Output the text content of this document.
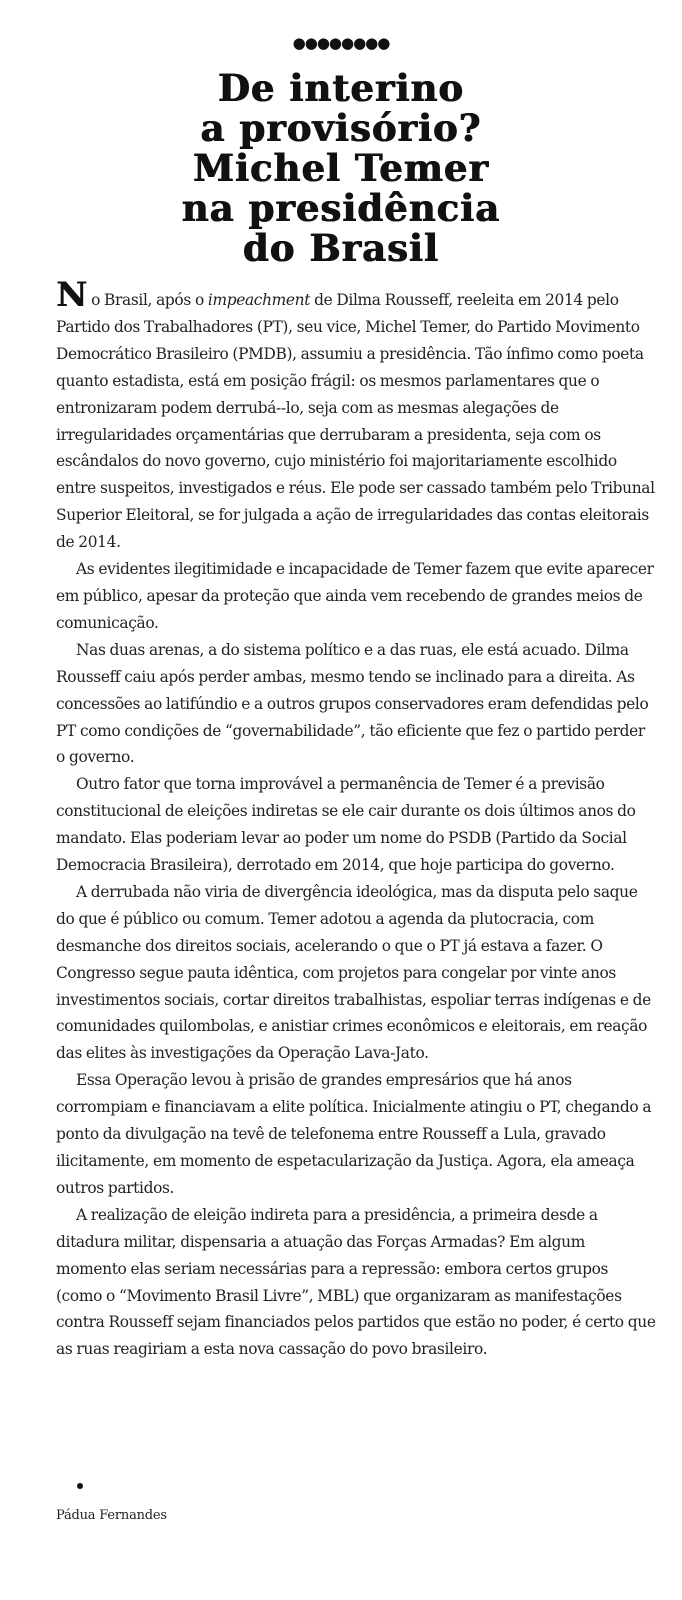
●●●●●●●●
De interino
a provisório?
Michel Temer
na presidência
do Brasil

No Brasil, após o impeachment de Dilma Rousseff, reeleita em 2014 pelo Partido dos Trabalhadores (PT), seu vice, Michel Temer, do Partido Movimento Democrático Brasileiro (PMDB), assumiu a presidência. Tão ínfimo como poeta quanto estadista, está em posição frágil: os mesmos parlamentares que o entronizaram podem derrubá--lo, seja com as mesmas alegações de irregularidades orçamentárias que derrubaram a presidenta, seja com os escândalos do novo governo, cujo ministério foi majoritariamente escolhido entre suspeitos, investigados e réus. Ele pode ser cassado também pelo Tribunal Superior Eleitoral, se for julgada a ação de irregularidades das contas eleitorais de 2014.

As evidentes ilegitimidade e incapacidade de Temer fazem que evite aparecer em público, apesar da proteção que ainda vem recebendo de grandes meios de comunicação.

Nas duas arenas, a do sistema político e a das ruas, ele está acuado. Dilma Rousseff caiu após perder ambas, mesmo tendo se inclinado para a direita. As concessões ao latifúndio e a outros grupos conservadores eram defendidas pelo PT como condições de “governabilidade”, tão eficiente que fez o partido perder o governo.

Outro fator que torna improvável a permanência de Temer é a previsão constitucional de eleições indiretas se ele cair durante os dois últimos anos do mandato. Elas poderiam levar ao poder um nome do PSDB (Partido da Social Democracia Brasileira), derrotado em 2014, que hoje participa do governo.

A derrubada não viria de divergência ideológica, mas da disputa pelo saque do que é público ou comum. Temer adotou a agenda da plutocracia, com desmanche dos direitos sociais, acelerando o que o PT já estava a fazer. O Congresso segue pauta idêntica, com projetos para congelar por vinte anos investimentos sociais, cortar direitos trabalhistas, espoliar terras indígenas e de comunidades quilombolas, e anistiar crimes econômicos e eleitorais, em reação das elites às investigações da Operação Lava-Jato.

Essa Operação levou à prisão de grandes empresários que há anos corrompiam e financiavam a elite política. Inicialmente atingiu o PT, chegando a ponto da divulgação na tevê de telefonema entre Rousseff a Lula, gravado ilicitamente, em momento de espetacularização da Justiça. Agora, ela ameaça outros partidos.

A realização de eleição indireta para a presidência, a primeira desde a ditadura militar, dispensaria a atuação das Forças Armadas? Em algum momento elas seriam necessárias para a repressão: embora certos grupos (como o “Movimento Brasil Livre”, MBL) que organizaram as manifestações contra Rousseff sejam financiados pelos partidos que estão no poder, é certo que as ruas reagiriam a esta nova cassação do povo brasileiro.

Pádua Fernandes
